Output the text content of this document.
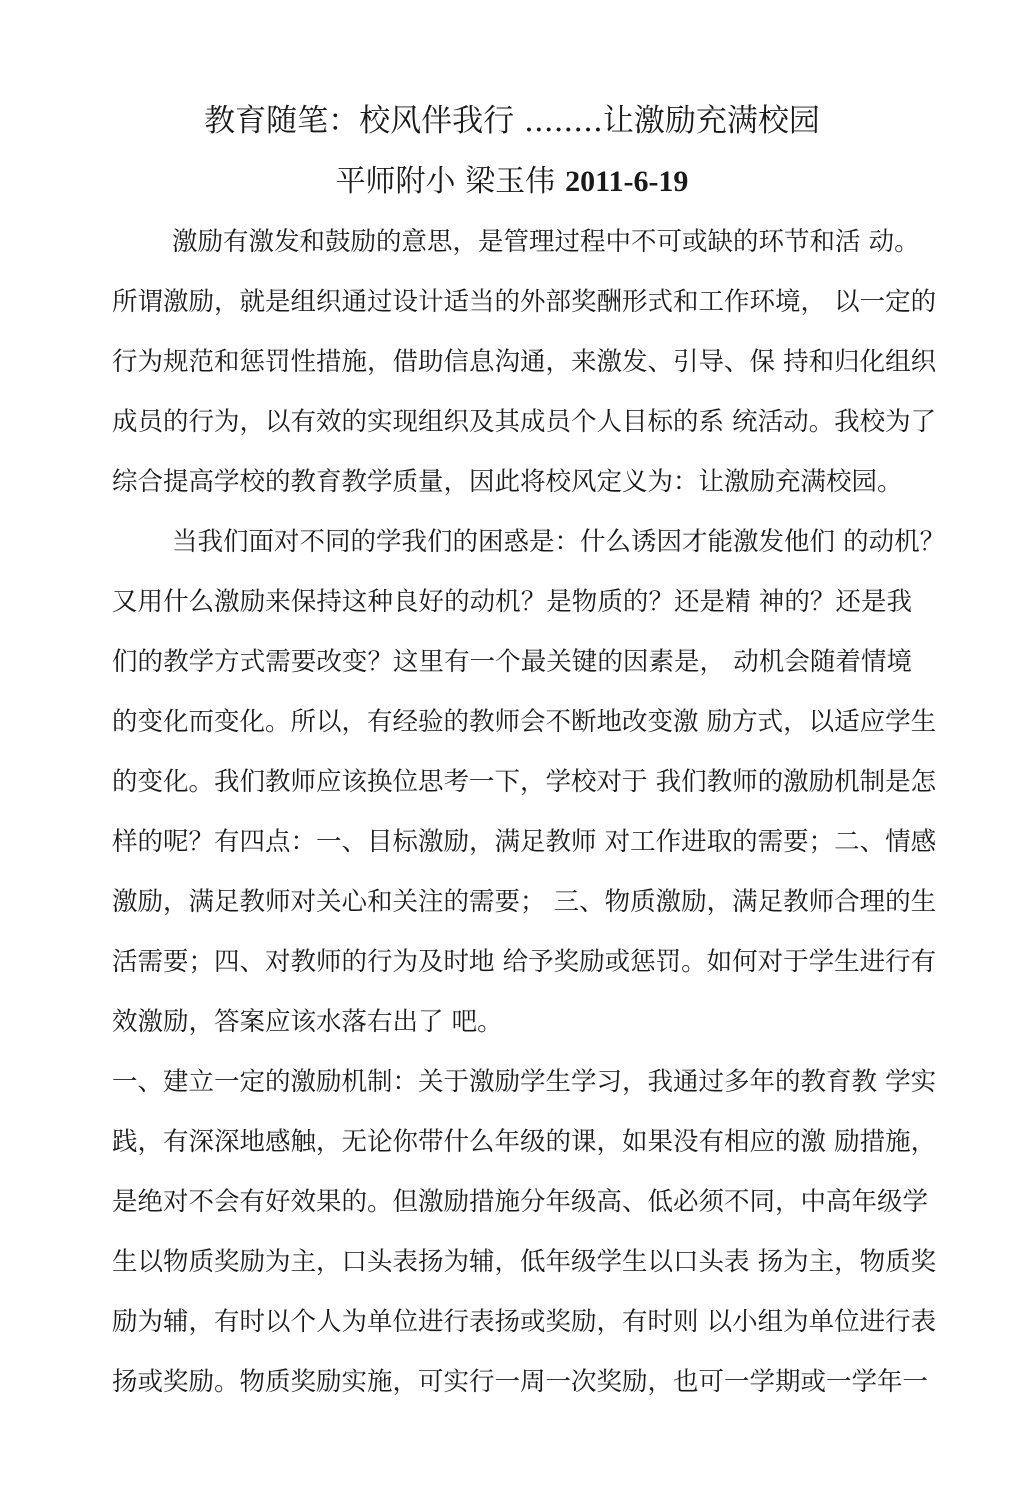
教育随笔：校风伴我行 ........让激励充满校园
平师附小 梁玉伟 2011-6-19
激励有激发和鼓励的意思，是管理过程中不可或缺的环节和活 动。
所谓激励，就是组织通过设计适当的外部奖酬形式和工作环境， 以一定的
行为规范和惩罚性措施，借助信息沟通，来激发、引导、保 持和归化组织
成员的行为，以有效的实现组织及其成员个人目标的系 统活动。我校为了
综合提高学校的教育教学质量，因此将校风定义为：让激励充满校园。
当我们面对不同的学我们的困惑是：什么诱因才能激发他们 的动机？
又用什么激励来保持这种良好的动机？是物质的？还是精 神的？还是我
们的教学方式需要改变？这里有一个最关键的因素是， 动机会随着情境
的变化而变化。所以，有经验的教师会不断地改变激 励方式，以适应学生
的变化。我们教师应该换位思考一下，学校对于 我们教师的激励机制是怎
样的呢？有四点：一、目标激励，满足教师 对工作进取的需要；二、情感
激励，满足教师对关心和关注的需要； 三、物质激励，满足教师合理的生
活需要；四、对教师的行为及时地 给予奖励或惩罚。如何对于学生进行有
效激励，答案应该水落右出了 吧。
一、建立一定的激励机制：关于激励学生学习，我通过多年的教育教 学实
践，有深深地感触，无论你带什么年级的课，如果没有相应的激 励措施，
是绝对不会有好效果的。但激励措施分年级高、低必须不同，中高年级学
生以物质奖励为主，口头表扬为辅，低年级学生以口头表 扬为主，物质奖
励为辅，有时以个人为单位进行表扬或奖励，有时则 以小组为单位进行表
扬或奖励。物质奖励实施，可实行一周一次奖励，也可一学期或一学年一
